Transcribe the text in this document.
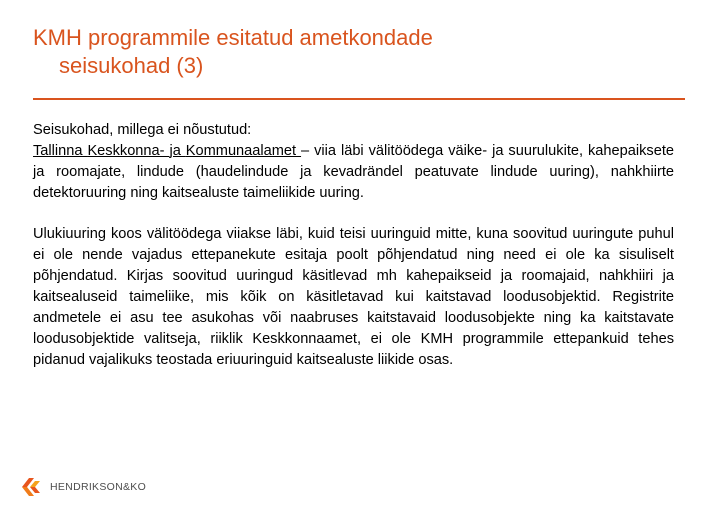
KMH programmile esitatud ametkondade
seisukohad (3)

Seisukohad, millega ei nõustutud:

Tallinna Keskkonna- ja Kommunaalamet – viia läbi välitöödega väike- ja suurulukite, kahepaiksete ja roomajate, lindude (haudelindude ja kevadrändel peatuvate lindude uuring), nahkhiirte detektoruuring ning kaitsealuste taimeliikide uuring.

Ulukiuuring koos välitöödega viiakse läbi, kuid teisi uuringuid mitte, kuna soovitud uuringute puhul ei ole nende vajadus ettepanekute esitaja poolt põhjendatud ning need ei ole ka sisuliselt põhjendatud. Kirjas soovitud uuringud käsitlevad mh kahepaikseid ja roomajaid, nahkhiiri ja kaitsealuseid taimeliike, mis kõik on käsitletavad kui kaitstavad loodusobjektid. Registrite andmetele ei asu tee asukohas või naabruses kaitstavaid loodusobjekte ning ka kaitstavate loodusobjektide valitseja, riiklik Keskkonnaamet, ei ole KMH programmile ettepankuid tehes pidanud vajalikuks teostada eriuuringuid kaitsealuste liikide osas.

HENDRIKSON&KO
